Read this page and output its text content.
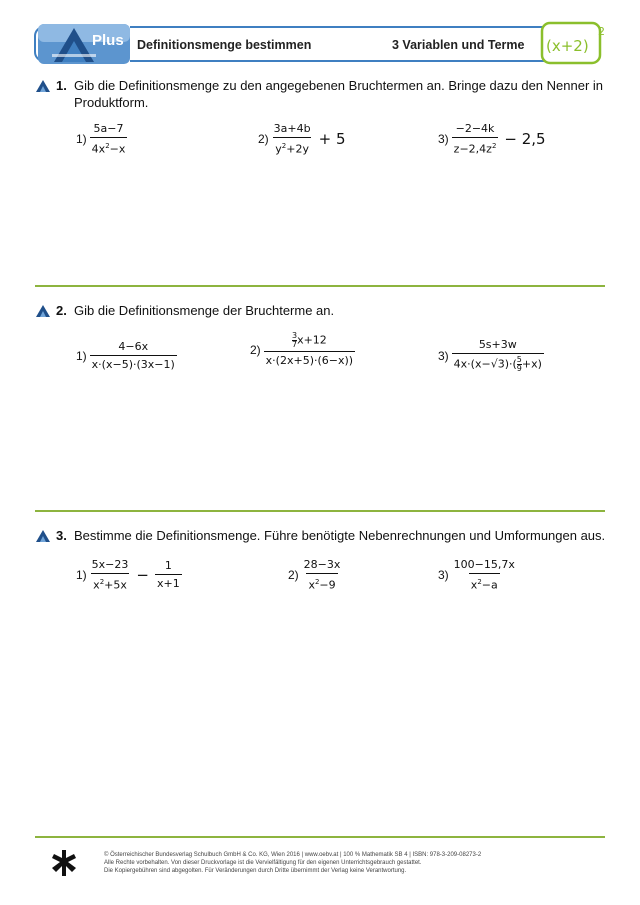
Plus Definitionsmenge bestimmen	3 Variablen und Terme (x+2)
2
1. Gib die Definitionsmenge zu den angegebenen Bruchtermen an. Bringe dazu den Nenner in Produktform.
$1) \frac{5a-7}{4x^2-x}$	$2) \frac{3a+4b}{y^2+2y} + 5$	$3) \frac{-2-4k}{z-2,4z^2} - 2,5$
2. Gib die Definitionsmenge der Bruchterme an.
$1) \frac{4-6x}{x\cdot(x-5)\cdot(3x-1)}$	$2) \frac{\frac{3}{7} x+12}{x\cdot(2x+5)\cdot(6-x))}$	$3) \frac{5s+3w}{4x\cdot(x-√3)\cdot( \frac{5}{9} +x)}$
3. Bestimme die Definitionsmenge. Führe benötigte Nebenrechnungen und Umformungen aus.
$1) \frac{5x-23}{x^2+5x} - \frac{1}{x+1}$	$2) \frac{28-3x}{x^2-9}$	$3) \frac{100-15,7x}{x^2-a}$
© Österreichischer Bundesverlag Schulbuch GmbH & Co. KG, Wien 2016 | www.oebv.at | 100 % Mathematik SB 4 | ISBN: 978-3-209-08273-2
Alle Rechte vorbehalten. Von dieser Druckvorlage ist die Vervielfältigung für den eigenen Unterrichtsgebrauch gestattet.
Die Kopiergebühren sind abgegolten. Für Veränderungen durch Dritte übernimmt der Verlag keine Verantwortung.
